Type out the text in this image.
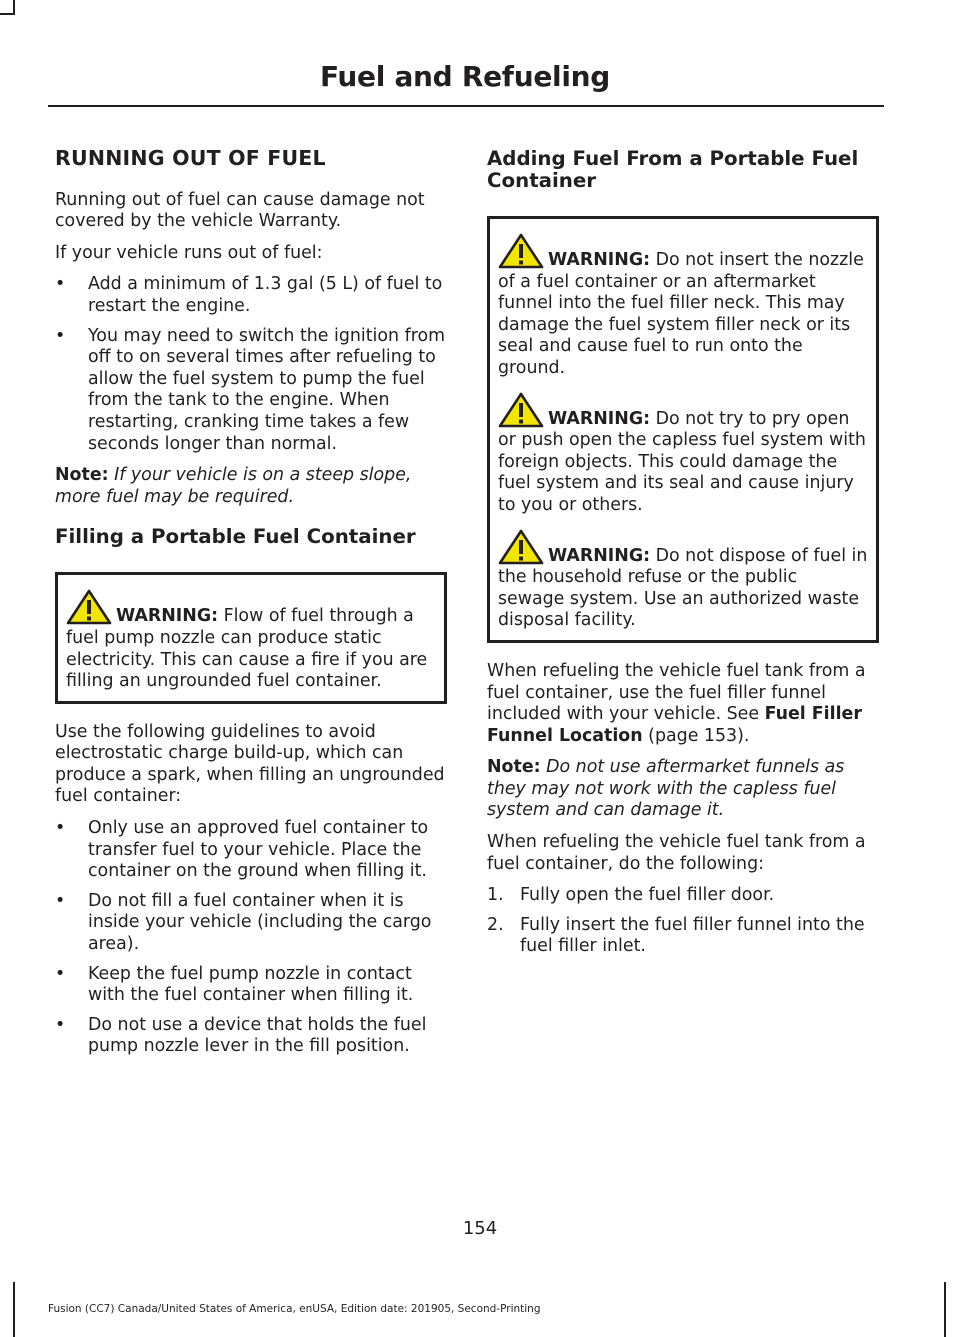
Fuel and Refueling
RUNNING OUT OF FUEL

Running out of fuel can cause damage not covered by the vehicle Warranty.

If your vehicle runs out of fuel:

• Add a minimum of 1.3 gal (5 L) of fuel to restart the engine.
• You may need to switch the ignition from off to on several times after refueling to allow the fuel system to pump the fuel from the tank to the engine. When restarting, cranking time takes a few seconds longer than normal.

Note: If your vehicle is on a steep slope, more fuel may be required.

Filling a Portable Fuel Container
WARNING: Flow of fuel through a fuel pump nozzle can produce static electricity. This can cause a fire if you are filling an ungrounded fuel container.

Use the following guidelines to avoid electrostatic charge build-up, which can produce a spark, when filling an ungrounded fuel container:

• Only use an approved fuel container to transfer fuel to your vehicle. Place the container on the ground when filling it.
• Do not fill a fuel container when it is inside your vehicle (including the cargo area).
• Keep the fuel pump nozzle in contact with the fuel container when filling it.
• Do not use a device that holds the fuel pump nozzle lever in the fill position.
Adding Fuel From a Portable Fuel Container
WARNING: Do not insert the nozzle of a fuel container or an aftermarket funnel into the fuel filler neck. This may damage the fuel system filler neck or its seal and cause fuel to run onto the ground.
WARNING: Do not try to pry open or push open the capless fuel system with foreign objects. This could damage the fuel system and its seal and cause injury to you or others.
WARNING: Do not dispose of fuel in the household refuse or the public sewage system. Use an authorized waste disposal facility.

When refueling the vehicle fuel tank from a fuel container, use the fuel filler funnel included with your vehicle. See Fuel Filler Funnel Location (page 153).

Note: Do not use aftermarket funnels as they may not work with the capless fuel system and can damage it.

When refueling the vehicle fuel tank from a fuel container, do the following:

1. Fully open the fuel filler door.
2. Fully insert the fuel filler funnel into the fuel filler inlet.
154
Fusion (CC7) Canada/United States of America, enUSA, Edition date: 201905, Second-Printing
